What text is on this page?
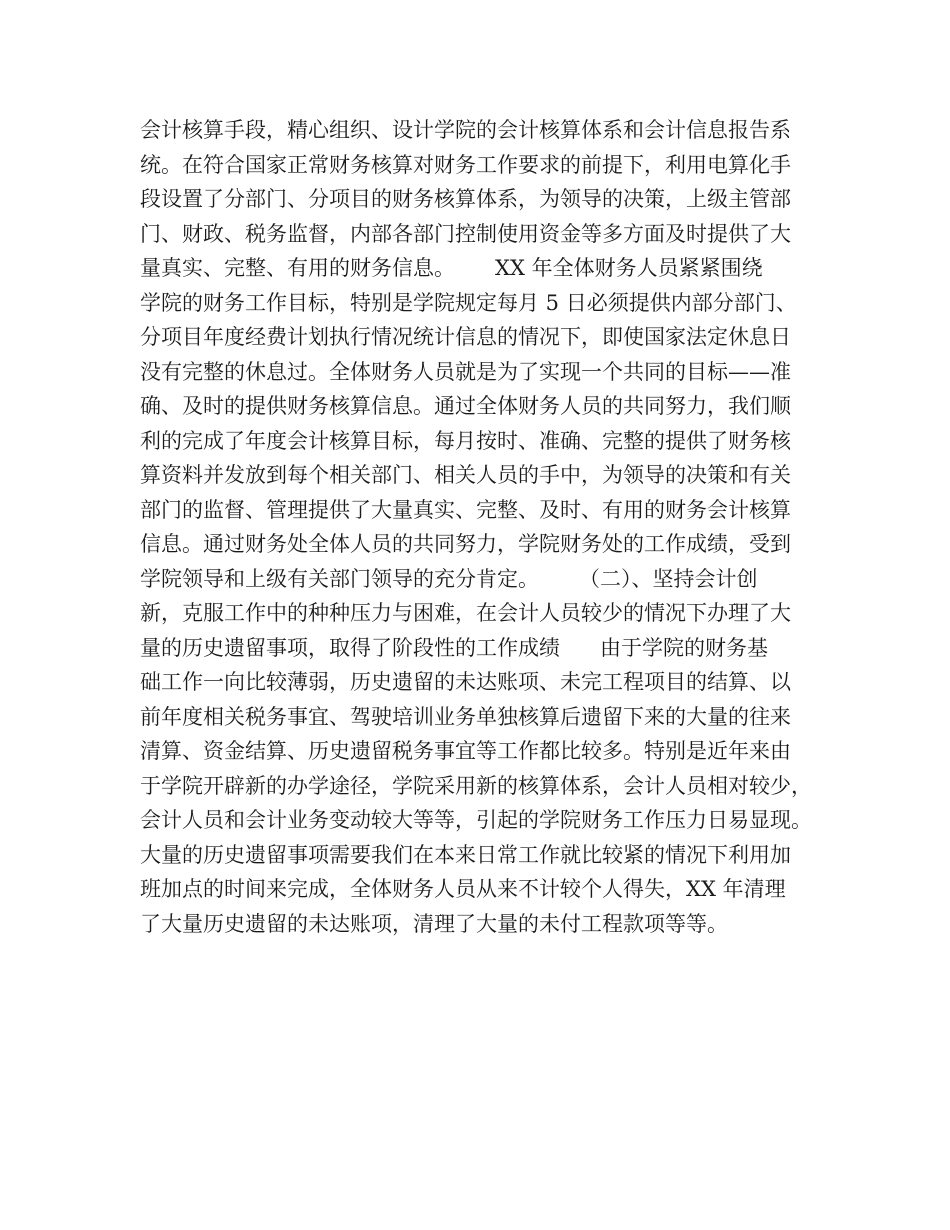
会计核算手段，精心组织、设计学院的会计核算体系和会计信息报告系
统。在符合国家正常财务核算对财务工作要求的前提下，利用电算化手
段设置了分部门、分项目的财务核算体系，为领导的决策，上级主管部
门、财政、税务监督，内部各部门控制使用资金等多方面及时提供了大
量真实、完整、有用的财务信息。      XX 年全体财务人员紧紧围绕
学院的财务工作目标，特别是学院规定每月 5 日必须提供内部分部门、
分项目年度经费计划执行情况统计信息的情况下，即使国家法定休息日
没有完整的休息过。全体财务人员就是为了实现一个共同的目标——准
确、及时的提供财务核算信息。通过全体财务人员的共同努力，我们顺
利的完成了年度会计核算目标，每月按时、准确、完整的提供了财务核
算资料并发放到每个相关部门、相关人员的手中，为领导的决策和有关
部门的监督、管理提供了大量真实、完整、及时、有用的财务会计核算
信息。通过财务处全体人员的共同努力，学院财务处的工作成绩，受到
学院领导和上级有关部门领导的充分肯定。      （二）、坚持会计创
新，克服工作中的种种压力与困难，在会计人员较少的情况下办理了大
量的历史遗留事项，取得了阶段性的工作成绩      由于学院的财务基
础工作一向比较薄弱，历史遗留的未达账项、未完工程项目的结算、以
前年度相关税务事宜、驾驶培训业务单独核算后遗留下来的大量的往来
清算、资金结算、历史遗留税务事宜等工作都比较多。特别是近年来由
于学院开辟新的办学途径，学院采用新的核算体系，会计人员相对较少，
会计人员和会计业务变动较大等等，引起的学院财务工作压力日易显现。
大量的历史遗留事项需要我们在本来日常工作就比较紧的情况下利用加
班加点的时间来完成，全体财务人员从来不计较个人得失，XX 年清理
了大量历史遗留的未达账项，清理了大量的未付工程款项等等。
